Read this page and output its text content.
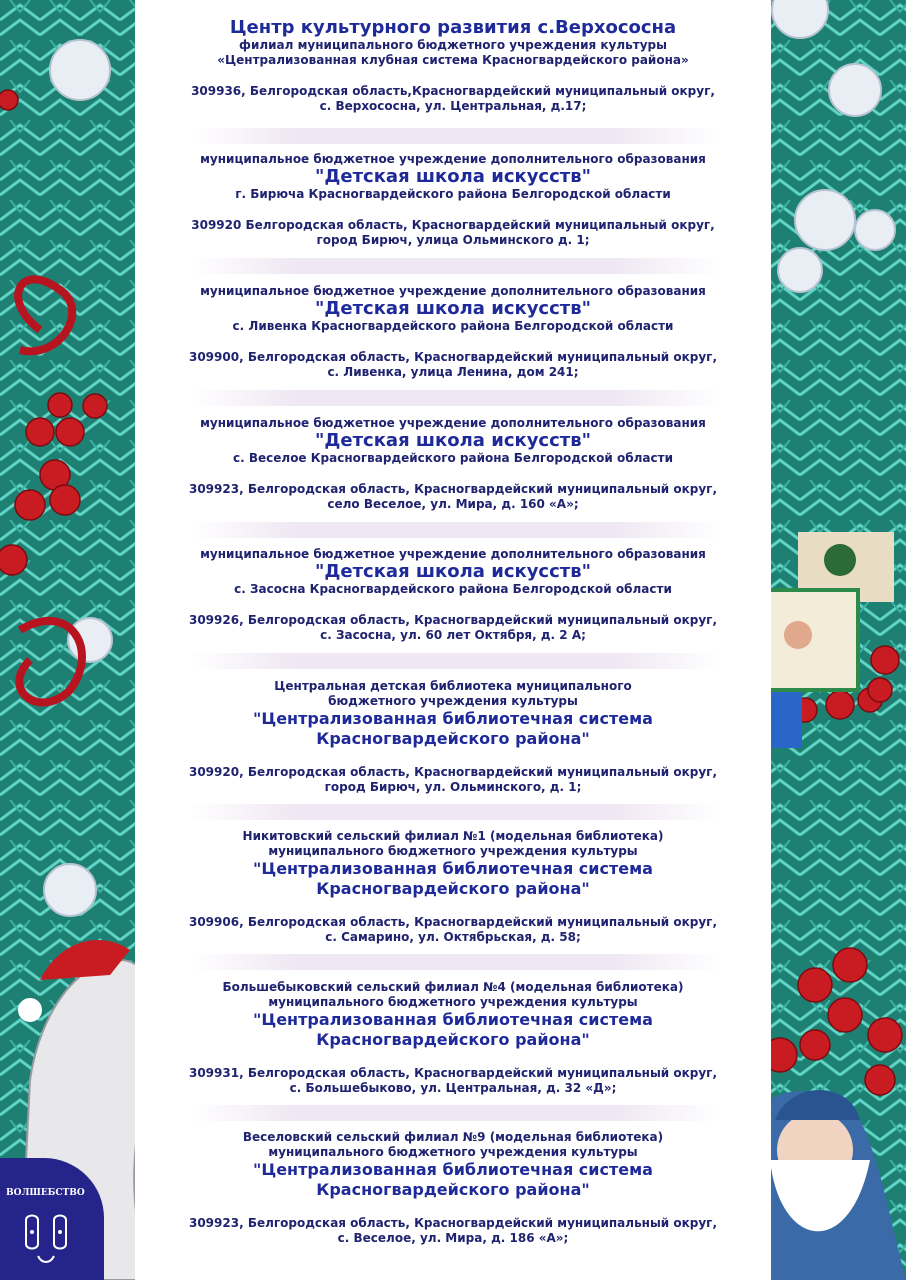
Центр культурного развития с.Верхососна
филиал муниципального бюджетного учреждения культуры
«Централизованная клубная система Красногвардейского района»
309936, Белгородская область,Красногвардейский муниципальный округ,
с. Верхососна, ул. Центральная, д.17;
муниципальное бюджетное учреждение дополнительного образования
"Детская школа искусств"
г. Бирюча Красногвардейского района Белгородской области
309920 Белгородская область, Красногвардейский муниципальный округ,
город Бирюч, улица Ольминского д. 1;
муниципальное бюджетное учреждение дополнительного образования
"Детская школа искусств"
с. Ливенка Красногвардейского района Белгородской области
309900, Белгородская область, Красногвардейский муниципальный округ,
с. Ливенка, улица Ленина, дом 241;
муниципальное бюджетное учреждение дополнительного образования
"Детская школа искусств"
с. Веселое Красногвардейского района Белгородской области
309923, Белгородская область, Красногвардейский муниципальный округ,
село Веселое, ул. Мира, д. 160 «А»;
муниципальное бюджетное учреждение дополнительного образования
"Детская школа искусств"
с. Засосна Красногвардейского района Белгородской области
309926, Белгородская область, Красногвардейский муниципальный округ,
с. Засосна, ул. 60 лет Октября, д. 2 А;
Центральная детская библиотека муниципального
бюджетного учреждения культуры
"Централизованная библиотечная система
Красногвардейского района"
309920, Белгородская область, Красногвардейский муниципальный округ,
город Бирюч, ул. Ольминского, д. 1;
Никитовский сельский филиал №1 (модельная библиотека)
муниципального бюджетного учреждения культуры
"Централизованная библиотечная система
Красногвардейского района"
309906, Белгородская область, Красногвардейский муниципальный округ,
с. Самарино, ул. Октябрьская, д. 58;
Большебыковский сельский филиал №4 (модельная библиотека)
муниципального бюджетного учреждения культуры
"Централизованная библиотечная система
Красногвардейского района"
309931, Белгородская область, Красногвардейский муниципальный округ,
с. Большебыково, ул. Центральная, д. 32 «Д»;
Веселовский сельский филиал №9 (модельная библиотека)
муниципального бюджетного учреждения культуры
"Централизованная библиотечная система
Красногвардейского района"
309923, Белгородская область, Красногвардейский муниципальный округ,
с. Веселое, ул. Мира, д. 186 «А»;
ВОЛШЕБСТВО
